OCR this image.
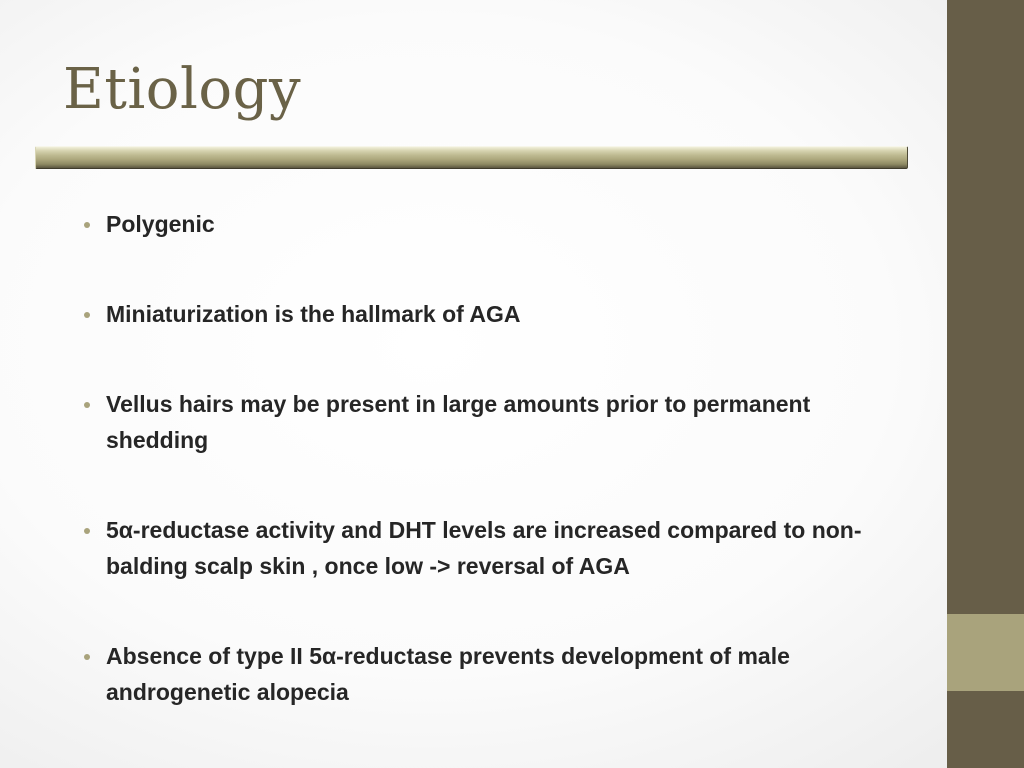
Etiology
Polygenic
Miniaturization is the hallmark of AGA
Vellus hairs may be present in large amounts prior to permanent shedding
5α-reductase activity and DHT levels are increased compared to non-balding scalp skin , once low -> reversal of AGA
Absence of type II 5α-reductase prevents development of male androgenetic alopecia
